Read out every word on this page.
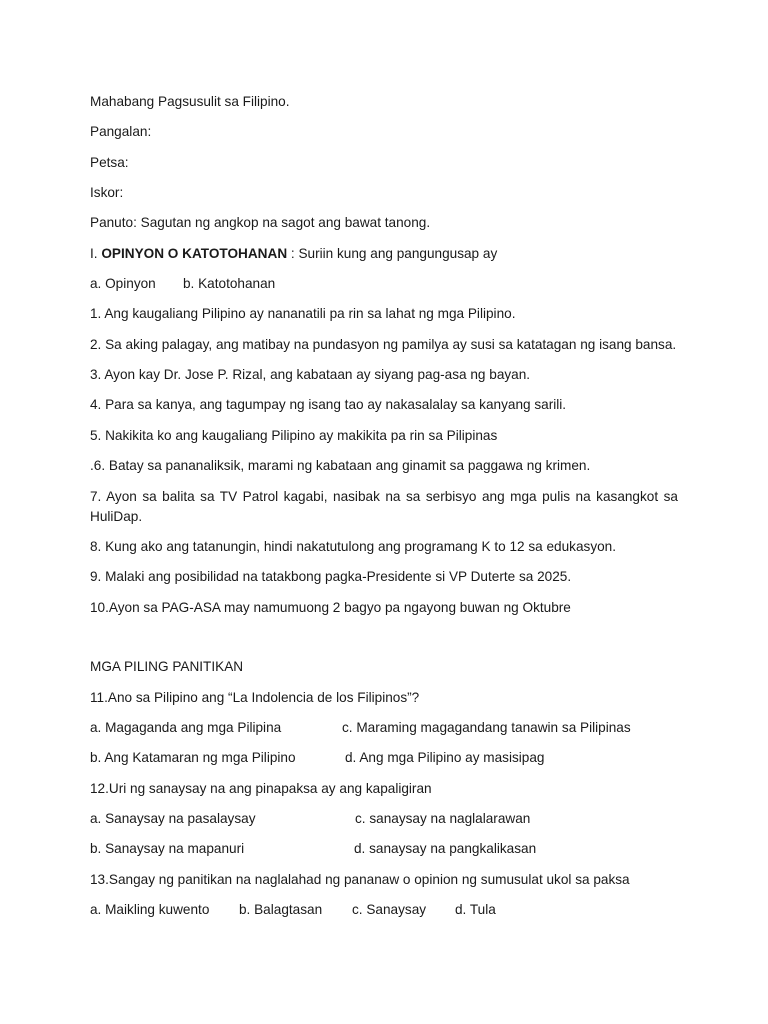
Mahabang Pagsusulit sa Filipino.
Pangalan:
Petsa:
Iskor:
Panuto: Sagutan ng angkop na sagot ang bawat tanong.
I. OPINYON O KATOTOHANAN : Suriin kung ang pangungusap ay
a. Opinyon b. Katotohanan
1. Ang kaugaliang Pilipino ay nananatili pa rin sa lahat ng mga Pilipino.
2. Sa aking palagay, ang matibay na pundasyon ng pamilya ay susi sa katatagan ng isang bansa.
3. Ayon kay Dr. Jose P. Rizal, ang kabataan ay siyang pag-asa ng bayan.
4. Para sa kanya, ang tagumpay ng isang tao ay nakasalalay sa kanyang sarili.
5. Nakikita ko ang kaugaliang Pilipino ay makikita pa rin sa Pilipinas
.6. Batay sa pananaliksik, marami ng kabataan ang ginamit ​​sa paggawa ng krimen.
7. Ayon sa balita sa TV Patrol kagabi, nasibak na sa serbisyo ang mga pulis na kasangkot sa HuliDap.
8. Kung ako ang tatanungin, hindi nakatutulong ang programang K to 12 sa edukasyon.
9. Malaki ang posibilidad na tatakbong pagka-Presidente si VP Duterte sa 2025.
10.Ayon sa PAG-ASA may namumuong 2 bagyo pa ngayong buwan ng Oktubre
MGA PILING PANITIKAN
11.Ano sa Pilipino ang “La Indolencia de los Filipinos”?
a. Magaganda ang mga Pilipina	c. Maraming magagandang tanawin sa Pilipinas
b. Ang Katamaran ng mga Pilipino	d. Ang mga Pilipino ay masisipag
12.Uri ng sanaysay na ang pinapaksa ay ang kapaligiran
a. Sanaysay na pasalaysay	c. sanaysay na naglalarawan
b. Sanaysay na mapanuri	d. sanaysay na pangkalikasan
13.Sangay ng panitikan na naglalahad ng pananaw o opinion ng sumusulat ukol sa paksa
a. Maikling kuwento b. Balagtasan c. Sanaysay d. Tula
